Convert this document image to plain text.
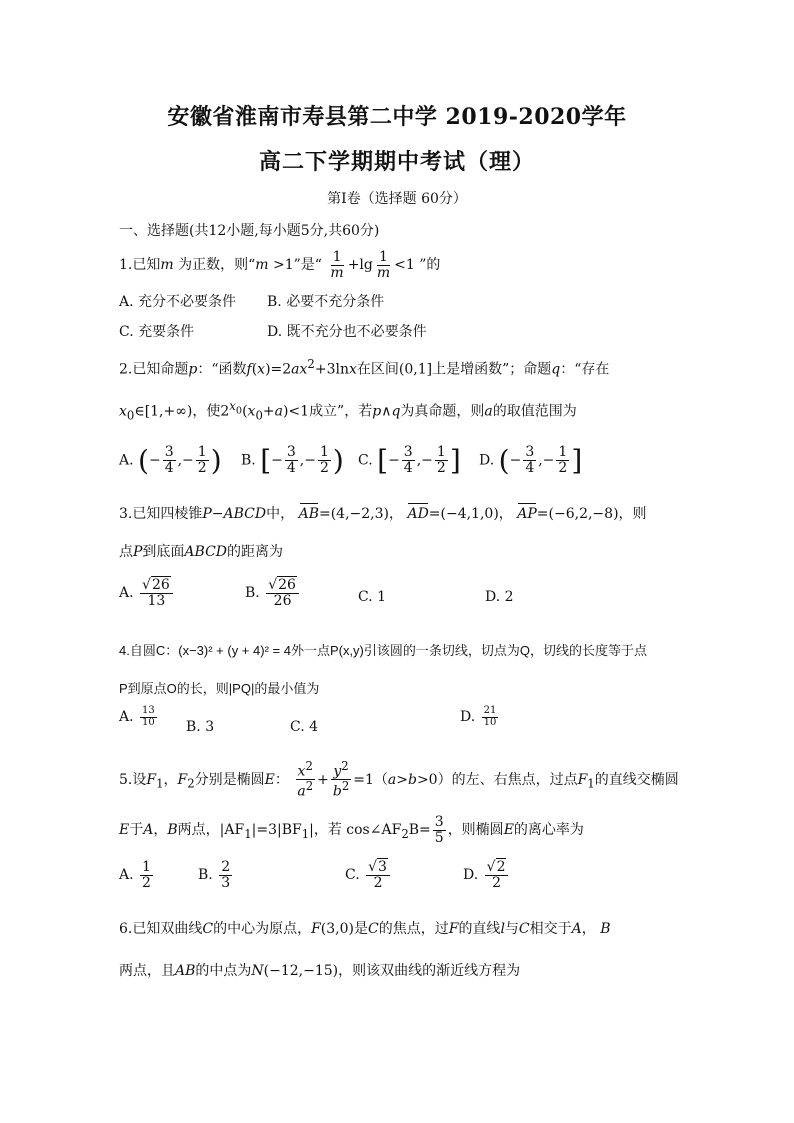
安徽省淮南市寿县第二中学 2019-2020学年
高二下学期期中考试（理）
第Ⅰ卷（选择题 60分）
一、选择题(共12小题,每小题5分,共60分)
1.已知m 为正数，则“m >1”是“ $\frac{1}{m} +\lg \frac{1}{m} <1$ ”的
A. 充分不必要条件 B. 必要不充分条件
C. 充要条件	D. 既不充分也不必要条件
2.已知命题p：“函数$f(x)=2ax^2+3\ln x$在区间(0,1]上是增函数”；命题q：“存在
$x_0\in[1,+\infty)$，使$2^{x_0}(x_0+a)<1$成立”，若p∧q为真命题，则a的取值范围为
A. (− $\frac{3}{4}$ ,− $\frac{1}{2}$ ) B. [− $\frac{3}{4}$ ,− $\frac{1}{2}$ ) C. [− $\frac{3}{4}$ ,− $\frac{1}{2}$ ] D. (− $\frac{3}{4}$ ,− $\frac{1}{2}$ ]
3.已知四棱锥P−ABCD中， AB=(4,−2,3)， AD=(−4,1,0)， AP=(−6,2,−8)，则
点P到底面ABCD的距离为
A. $\frac{√26}{13}$	B. $\frac{√26}{26}$	C. 1	D. 2
4.自圆C：(x−3)² + (y + 4)² = 4外一点P(x,y)引该圆的一条切线，切点为Q，切线的长度等于点
P到原点O的长，则|PQ|的最小值为
A. $\frac{13}{10} B$. 3	C. 4
D. $\frac{21}{10}$
5.设$F_1$，$F_2$分别是椭圆E： $\frac{x^2}{a^2} + \frac{y^2}{b^2} =1(a>b>0)$的左、右焦点，过点$F_1$的直线交椭圆
E于A，B两点，$|AF_1|=3|BF_1|$，若 $\cos\angle AF_2B= \frac{3}{5}$ ，则椭圆E的离心率为
A. $\frac{1}{2}$	B. $\frac{2}{3}$	C. $\frac{√3}{2}$	D. $\frac{√2}{2}$
6.已知双曲线C的中心为原点，F(3,0)是C的焦点，过F的直线l与C相交于A， B
两点，且AB的中点为N(−12,−15)，则该双曲线的渐近线方程为
